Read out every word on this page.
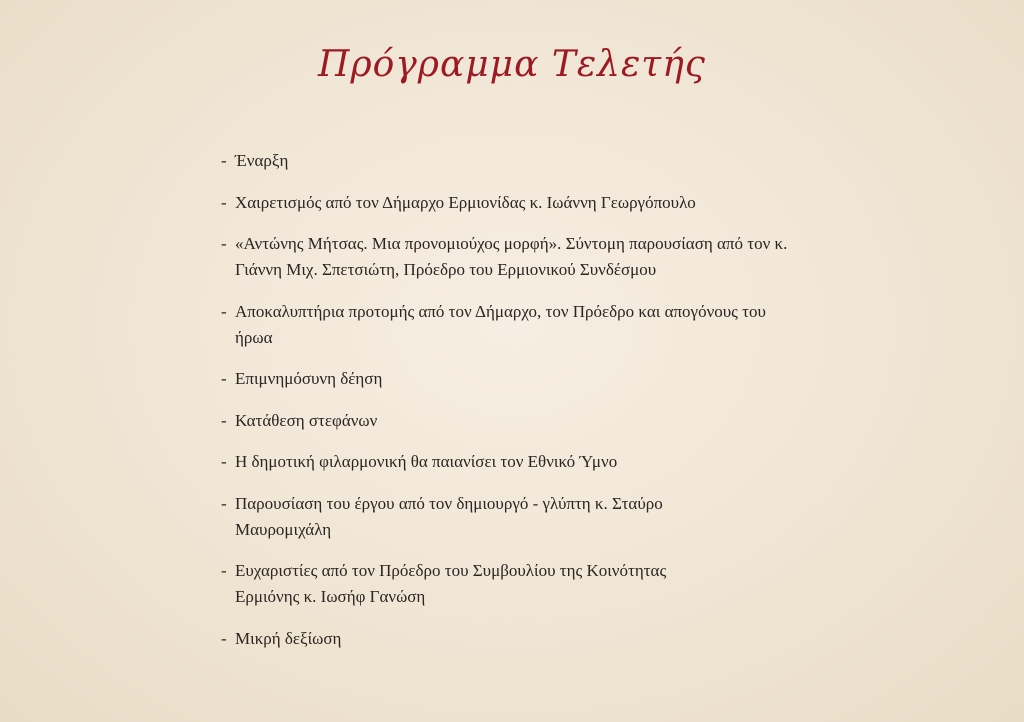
Πρόγραμμα Τελετής
- Έναρξη
- Χαιρετισμός από τον Δήμαρχο Ερμιονίδας κ. Ιωάννη Γεωργόπουλο
- «Αντώνης Μήτσας. Μια προνομιούχος μορφή». Σύντομη παρουσίαση από τον κ. Γιάννη Μιχ. Σπετσιώτη, Πρόεδρο του Ερμιονικού Συνδέσμου
- Αποκαλυπτήρια προτομής από τον Δήμαρχο, τον Πρόεδρο και απογόνους του ήρωα
- Επιμνημόσυνη δέηση
- Κατάθεση στεφάνων
- Η δημοτική φιλαρμονική θα παιανίσει τον Εθνικό Ύμνο
- Παρουσίαση του έργου από τον δημιουργό - γλύπτη κ. Σταύρο Μαυρομιχάλη
- Ευχαριστίες από τον Πρόεδρο του Συμβουλίου της Κοινότητας Ερμιόνης κ. Ιωσήφ Γανώση
- Μικρή δεξίωση
